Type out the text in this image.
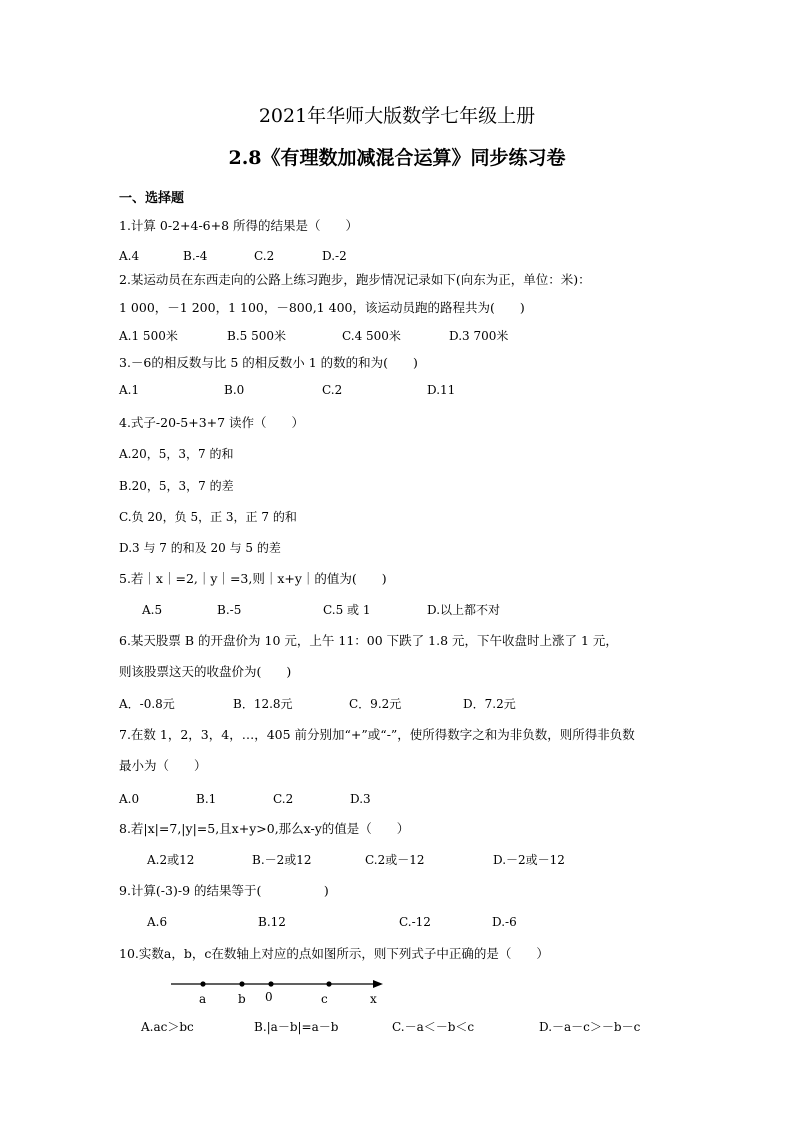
2021年华师大版数学七年级上册
2.8《有理数加减混合运算》同步练习卷
一、选择题
1.计算 0-2+4-6+8 所得的结果是（　　）
A.4	B.-4	C.2	D.-2
2.某运动员在东西走向的公路上练习跑步，跑步情况记录如下(向东为正，单位：米)：
1 000，－1 200，1 100，－800,1 400，该运动员跑的路程共为(　　)
A.1 500米	B.5 500米	C.4 500米	D.3 700米
3.－6的相反数与比 5 的相反数小 1 的数的和为(　　)
A.1	B.0	C.2	D.11
4.式子-20-5+3+7 读作（　　）
A.20，5，3，7 的和
B.20，5，3，7 的差
C.负 20，负 5，正 3，正 7 的和
D.3 与 7 的和及 20 与 5 的差
5.若｜x｜=2,｜y｜=3,则｜x+y｜的值为(　　)
A.5	B.-5	C.5 或 1	D.以上都不对
6.某天股票 B 的开盘价为 10 元，上午 11：00 下跌了 1.8 元，下午收盘时上涨了 1 元，
则该股票这天的收盘价为(　　)
A．-0.8元	B．12.8元	C．9.2元	D．7.2元
7.在数 1，2，3，4，…，405 前分别加“+”或“-”，使所得数字之和为非负数，则所得非负数
最小为（　　）
A.0	B.1	C.2	D.3
8.若|x|=7,|y|=5,且x+y>0,那么x-y的值是（　　）
A.2或12	B.－2或12	C.2或－12	D.－2或－12
9.计算(-3)-9 的结果等于(　　　　　)
A.6	B.12	C.-12	D.-6
10.实数a，b，c在数轴上对应的点如图所示，则下列式子中正确的是（　　）
a	b 0	c	x
A.ac＞bc	B.|a－b|=a－b	C.－a＜－b＜c	D.－a－c＞－b－c
